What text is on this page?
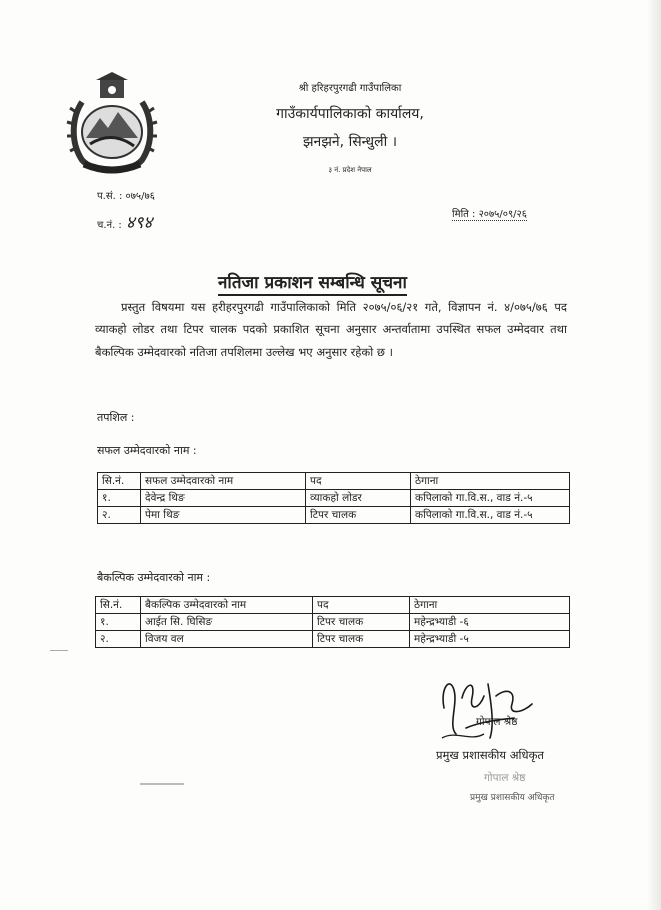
श्री हरिहरपुरगढी गाउँपालिका
गाउँकार्यपालिकाको कार्यालय,
झनझने, सिन्धुली ।
३ नं. प्रदेश नेपाल
प.सं. : ०७५/७६
च.नं. : ४९४	मिति : २०७५/०९/२६
नतिजा प्रकाशन सम्बन्धि सूचना
प्रस्तुत विषयमा यस हरीहरपुरगढी गाउँपालिकाको मिति २०७५/०६/२१ गते, विज्ञापन नं. ४/०७५/७६ पद व्याकहो लोडर तथा टिपर चालक पदको प्रकाशित सूचना अनुसार अन्तर्वातामा उपस्थित सफल उम्मेदवार तथा बैकल्पिक उम्मेदवारको नतिजा तपशिलमा उल्लेख भए अनुसार रहेको छ ।
तपशिल :
सफल उम्मेदवारको नाम :
सि.नं.	सफल उम्मेदवारको नाम	पद	ठेगाना
१.	देवेन्द्र थिङ	व्याकहो लोडर	कपिलाको गा.वि.स., वाड नं.-५
२.	पेमा थिङ	टिपर चालक	कपिलाको गा.वि.स., वाड नं.-५
बैकल्पिक उम्मेदवारको नाम :
सि.नं.	बैकल्पिक उम्मेदवारको नाम	पद	ठेगाना
१.	आईत सि. घिसिङ	टिपर चालक	महेन्द्रभ्याडी -६
२.	विजय वल	टिपर चालक	महेन्द्रभ्याडी -५
गोपाल श्रेष्ठ
प्रमुख प्रशासकीय अधिकृत
गोपाल श्रेष्ठ
प्रमुख प्रशासकीय अधिकृत
